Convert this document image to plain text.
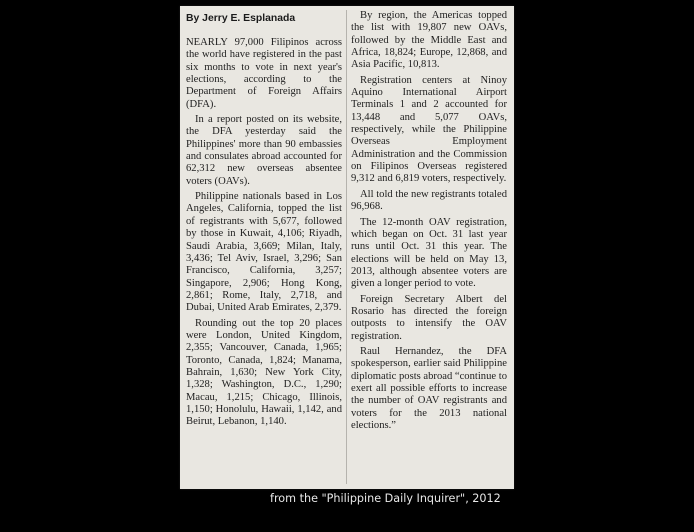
By Jerry E. Esplanada

NEARLY 97,000 Filipinos across the world have registered in the past six months to vote in next year's elections, according to the Department of Foreign Affairs (DFA).

In a report posted on its website, the DFA yesterday said the Philippines' more than 90 embassies and consulates abroad accounted for 62,312 new overseas absentee voters (OAVs).

Philippine nationals based in Los Angeles, California, topped the list of registrants with 5,677, followed by those in Kuwait, 4,106; Riyadh, Saudi Arabia, 3,669; Milan, Italy, 3,436; Tel Aviv, Israel, 3,296; San Francisco, California, 3,257; Singapore, 2,906; Hong Kong, 2,861; Rome, Italy, 2,718, and Dubai, United Arab Emirates, 2,379.

Rounding out the top 20 places were London, United Kingdom, 2,355; Vancouver, Canada, 1,965; Toronto, Canada, 1,824; Manama, Bahrain, 1,630; New York City, 1,328; Washington, D.C., 1,290; Macau, 1,215; Chicago, Illinois, 1,150; Honolulu, Hawaii, 1,142, and Beirut, Lebanon, 1,140.

By region, the Americas topped the list with 19,807 new OAVs, followed by the Middle East and Africa, 18,824; Europe, 12,868, and Asia Pacific, 10,813.

Registration centers at Ninoy Aquino International Airport Terminals 1 and 2 accounted for 13,448 and 5,077 OAVs, respectively, while the Philippine Overseas Employment Administration and the Commission on Filipinos Overseas registered 9,312 and 6,819 voters, respectively.

All told the new registrants totaled 96,968.

The 12-month OAV registration, which began on Oct. 31 last year runs until Oct. 31 this year. The elections will be held on May 13, 2013, although absentee voters are given a longer period to vote.

Foreign Secretary Albert del Rosario has directed the foreign outposts to intensify the OAV registration.

Raul Hernandez, the DFA spokesperson, earlier said Philippine diplomatic posts abroad “continue to exert all possible efforts to increase the number of OAV registrants and voters for the 2013 national elections.”

from the "Philippine Daily Inquirer", 2012
